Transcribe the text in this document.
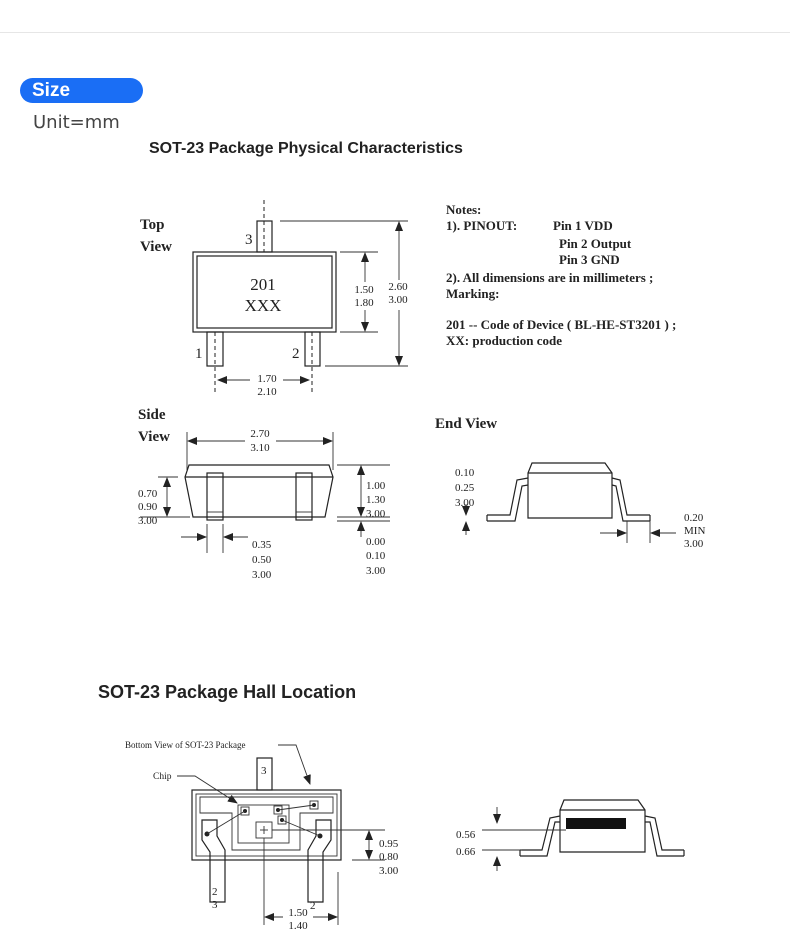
Size
Unit=mm
SOT-23 Package Physical Characteristics
Top
View	3
201
XXX
1	2
1.70
2.10
2.60
3.00
1.50
1.80
Notes:
1). PINOUT:	Pin 1 VDD
Pin 2 Output
Pin 3 GND
2). All dimensions are in millimeters ;
Marking:
201 -- Code of Device ( BL-HE-ST3201 ) ;
XX: production code
Side
View	2.70
3.10
0.70
0.90
3.00
0.35
0.50
3.00
1.00
1.30
3.00
0.00
0.10
3.00
End View
0.10
0.25
3.00
0.20
MIN
3.00
SOT-23 Package Hall Location
Bottom View of SOT-23 Package
Chip	3
2
3	2
0.95
0.80
3.00
1.50
1.40
0.56
0.66
